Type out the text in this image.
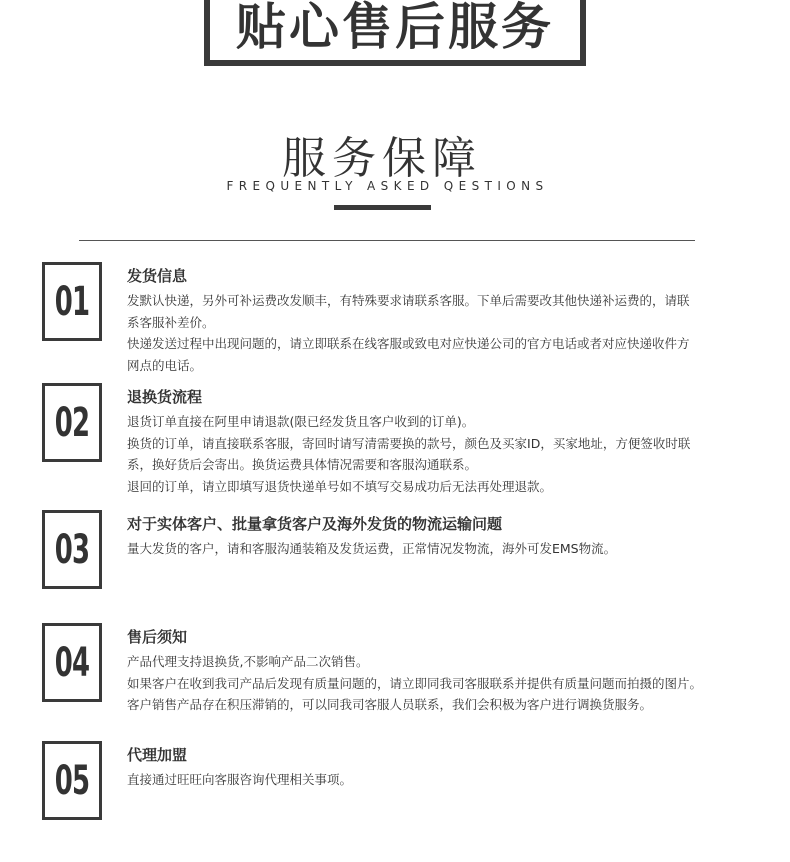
贴心售后服务
服务保障
FREQUENTLY ASKED QESTIONS
01
发货信息

发默认快递，另外可补运费改发顺丰，有特殊要求请联系客服。下单后需要改其他快递补运费的，请联

系客服补差价。

快递发送过程中出现问题的，请立即联系在线客服或致电对应快递公司的官方电话或者对应快递收件方

网点的电话。

02
退换货流程

退货订单直接在阿里申请退款(限已经发货且客户收到的订单)。

换货的订单，请直接联系客服，寄回时请写清需要换的款号，颜色及买家ID，买家地址，方便签收时联

系，换好货后会寄出。换货运费具体情况需要和客服沟通联系。

退回的订单，请立即填写退货快递单号如不填写交易成功后无法再处理退款。

03
对于实体客户、批量拿货客户及海外发货的物流运输问题

量大发货的客户，请和客服沟通装箱及发货运费，正常情况发物流，海外可发EMS物流。

04
售后须知

产品代理支持退换货,不影响产品二次销售。

如果客户在收到我司产品后发现有质量问题的，请立即同我司客服联系并提供有质量问题而拍摄的图片。

客户销售产品存在积压滞销的，可以同我司客服人员联系，我们会积极为客户进行调换货服务。

05
代理加盟

直接通过旺旺向客服咨询代理相关事项。
